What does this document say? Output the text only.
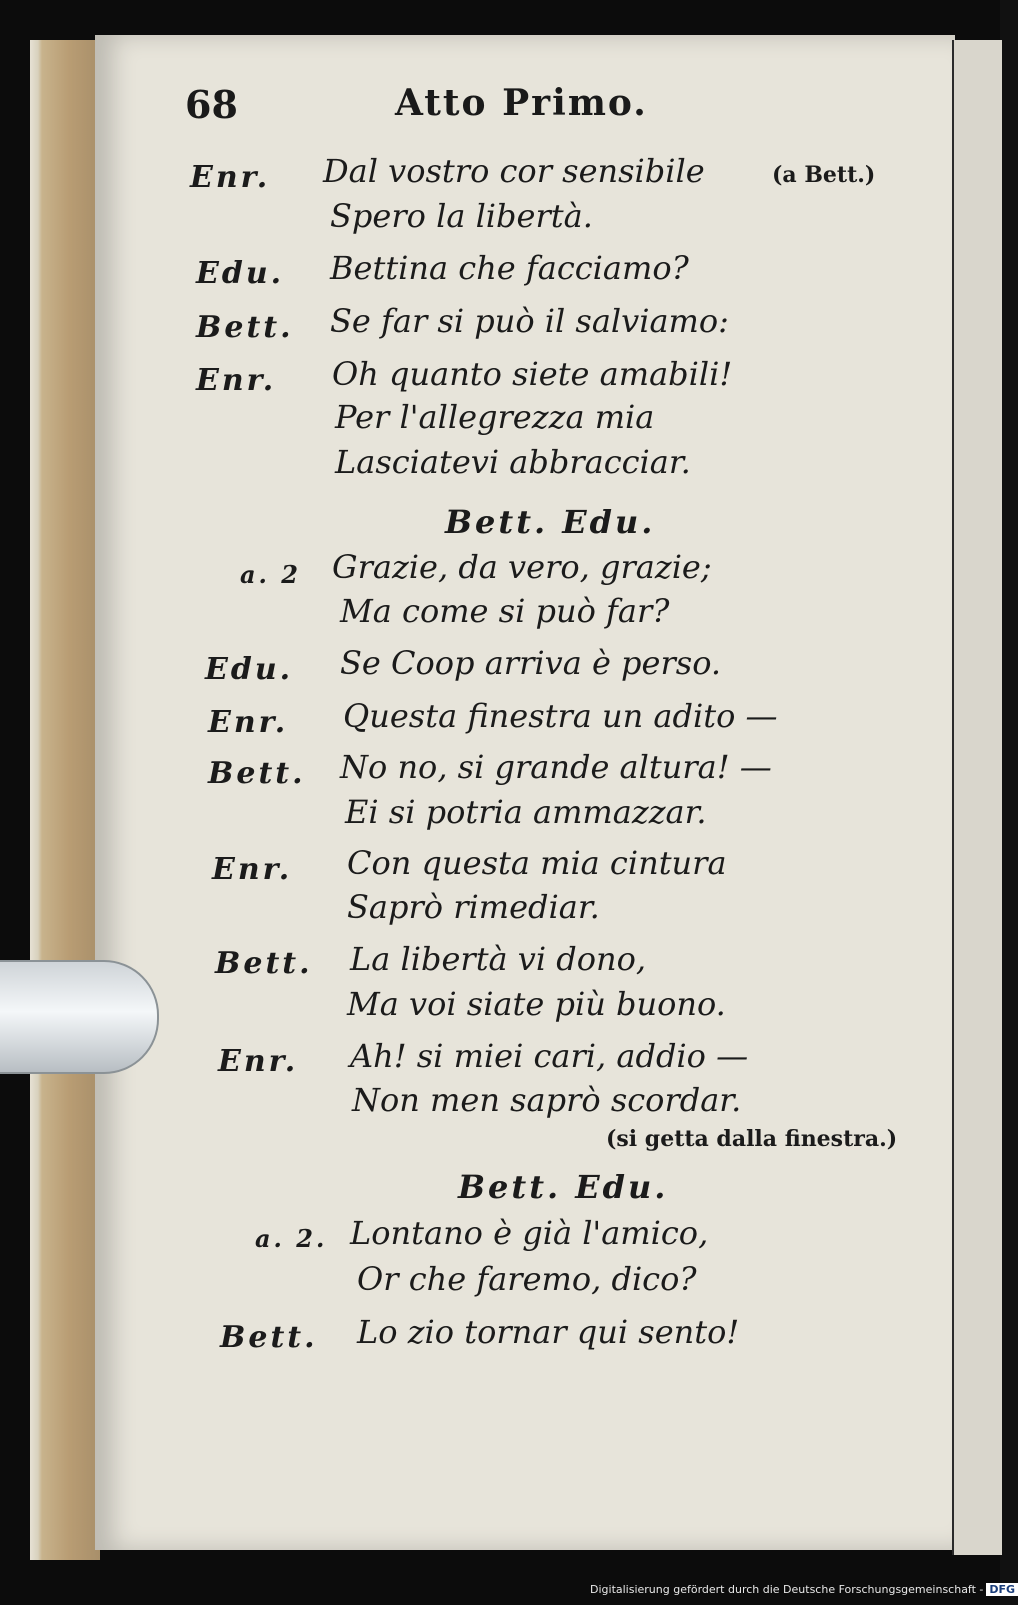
68	Atto Primo.
Enr. Dal vostro cor sensibile	(a Bett.)
Spero la libertà.
Edu. Bettina che facciamo?
Bett. Se far si può il salviamo:
Enr. Oh quanto siete amabili!
Per l'allegrezza mia
Lasciatevi abbracciar.
Bett. Edu.
a. 2 Grazie, da vero, grazie;
Ma come si può far?
Edu. Se Coop arriva è perso.
Enr. Questa finestra un adito —
Bett. No no, si grande altura! —
Ei si potria ammazzar.
Enr. Con questa mia cintura
Saprò rimediar.
Bett. La libertà vi dono,
Ma voi siate più buono.
Enr. Ah! si miei cari, addio —
Non men saprò scordar.
(si getta dalla finestra.)
Bett. Edu.
a. 2. Lontano è già l'amico,
Or che faremo, dico?
Bett. Lo zio tornar qui sento!
Digitalisierung gefördert durch die Deutsche Forschungsgemeinschaft - DFG
